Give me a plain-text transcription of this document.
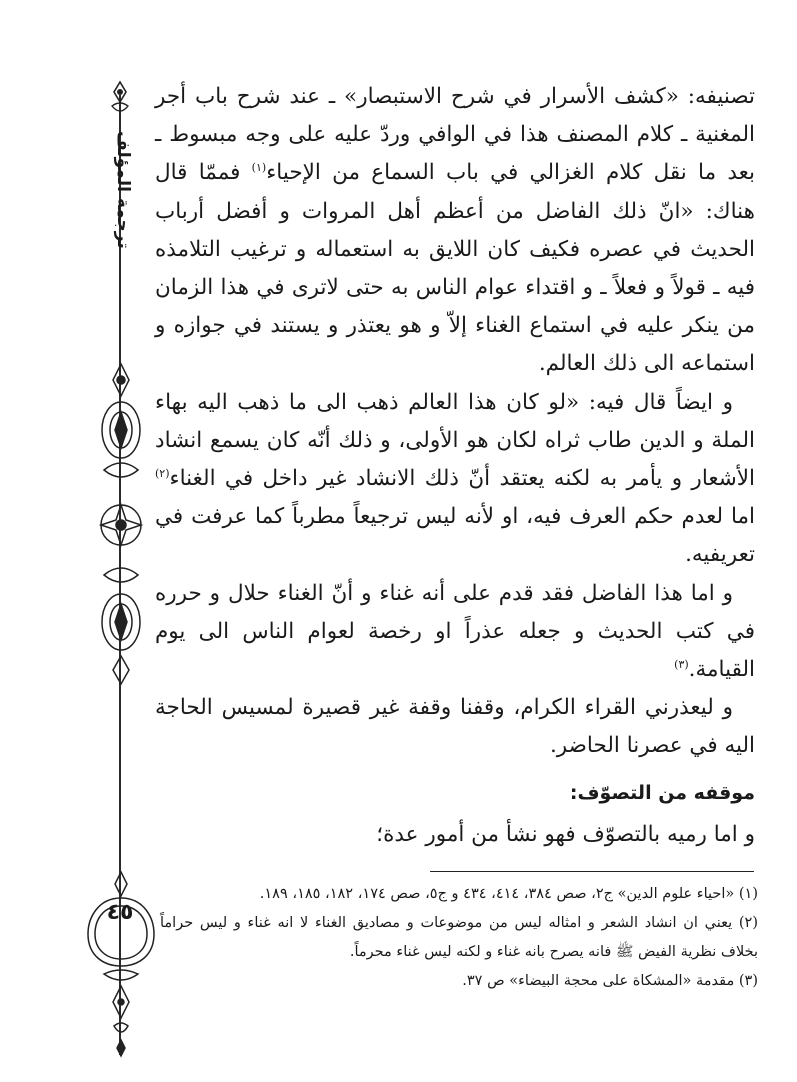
ترجمة المؤلف
٤٥

تصنيفه: «كشف الأسرار في شرح الاستبصار» ـ عند شرح باب أجر المغنية ـ كلام المصنف هذا في الوافي وردّ عليه على وجه مبسوط ـ بعد ما نقل كلام الغزالي في باب السماع من الإحياء$^{(١)}$ فممّا قال هناك: «انّ ذلك الفاضل من أعظم أهل المروات و أفضل أرباب الحديث في عصره فكيف كان اللايق به استعماله و ترغيب التلامذه فيه ـ قولاً و فعلاً ـ و اقتداء عوام الناس به حتى لاترى في هذا الزمان من ينكر عليه في استماع الغناء إلاّ و هو يعتذر و يستند في جوازه و استماعه الى ذلك العالم.

و ايضاً قال فيه: «لو كان هذا العالم ذهب الى ما ذهب اليه بهاء الملة و الدين طاب ثراه لكان هو الأولى، و ذلك أنّه كان يسمع انشاد الأشعار و يأمر به لكنه يعتقد أنّ ذلك الانشاد غير داخل في الغناء$^{(٢)}$ اما لعدم حكم العرف فيه، او لأنه ليس ترجيعاً مطرباً كما عرفت في تعريفيه.

و اما هذا الفاضل فقد قدم على أنه غناء و أنّ الغناء حلال و حرره في كتب الحديث و جعله عذراً او رخصة لعوام الناس الى يوم القيامة.$^{(٣)}$

و ليعذرني القراء الكرام، وقفنا وقفة غير قصيرة لمسيس الحاجة اليه في عصرنا الحاضر.

موقفه من التصوّف:
و اما رميه بالتصوّف فهو نشأ من أمور عدة؛

(١) «احياء علوم الدين» ج٢، صص ٣٨٤، ٤١٤، ٤٣٤ و ج٥، صص ١٧٤، ١٨٢، ١٨٥، ١٨٩.

(٢) يعني ان انشاد الشعر و امثاله ليس من موضوعات و مصاديق الغناء لا انه غناء و ليس حراماً بخلاف نظرية الفيض ﷺ فانه يصرح بانه غناء و لكنه ليس غناء محرماً.

(٣) مقدمة «المشكاة على محجة البيضاء» ص ٣٧.
